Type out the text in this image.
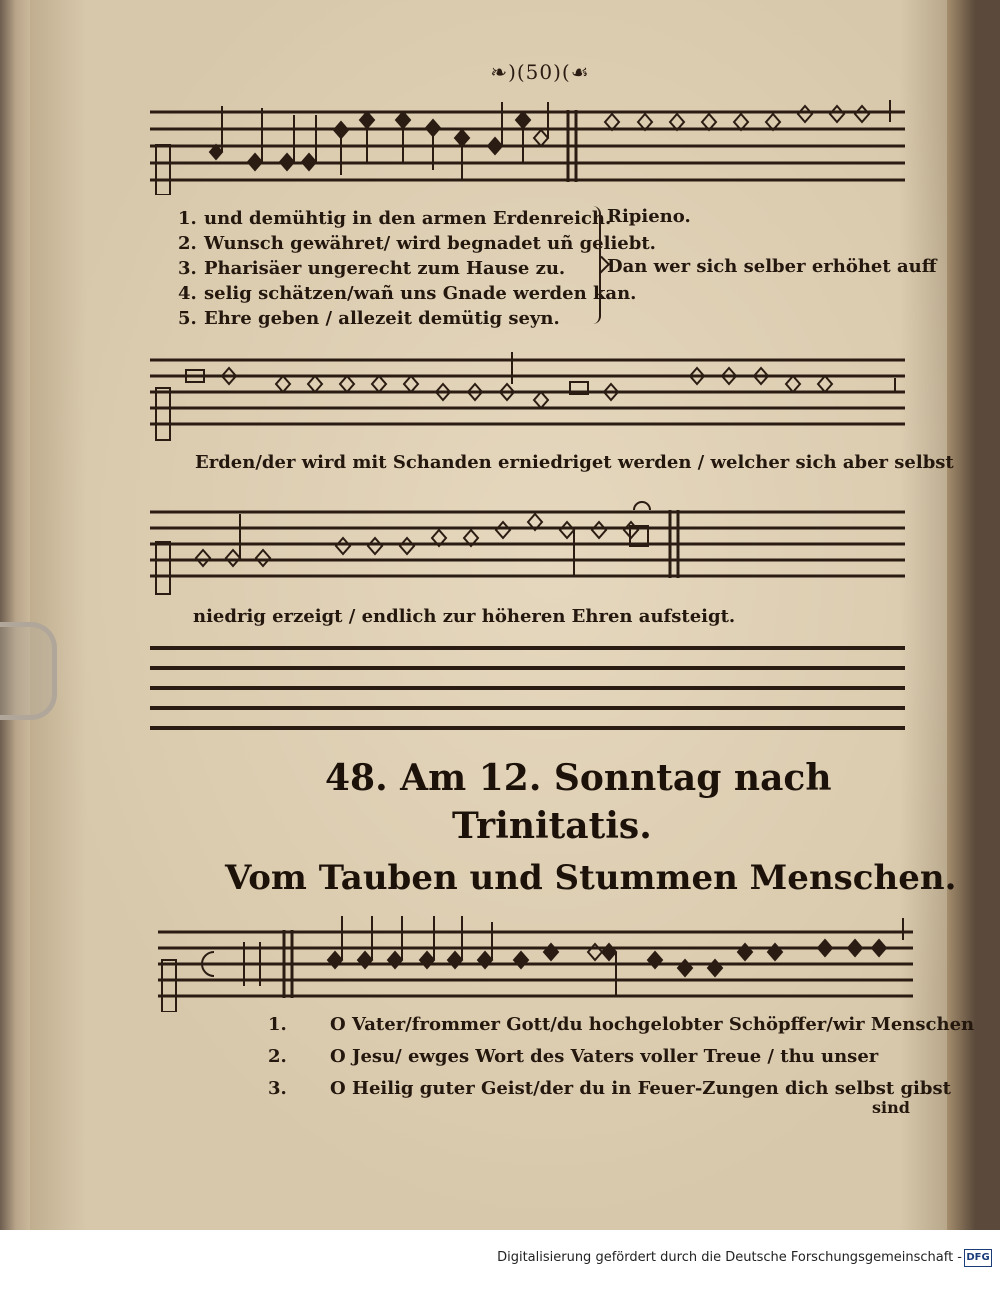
❧)(50)(☙
1. und demühtig in den armen Erdenreich.
2. Wunsch gewähret/ wird begnadet uñ geliebt.
3. Pharisäer ungerecht zum Hause zu.
4. selig schätzen/wañ uns Gnade werden kan.
5. Ehre geben / allezeit demütig seyn.
Ripieno.
Dan wer sich selber erhöhet auff
Erden/der wird mit Schanden erniedriget werden / welcher sich aber selbst
niedrig erzeigt / endlich zur höheren Ehren aufsteigt.
48. Am 12. Sonntag nach
Trinitatis.
Vom Tauben und Stummen Menschen.
1. O Vater/frommer Gott/du hochgelobter Schöpffer/wir Menschen
2. O Jesu/ ewges Wort des Vaters voller Treue / thu unser
3. O Heilig guter Geist/der du in Feuer-Zungen dich selbst gibst
sind
Digitalisierung gefördert durch die Deutsche Forschungsgemeinschaft - DFG
